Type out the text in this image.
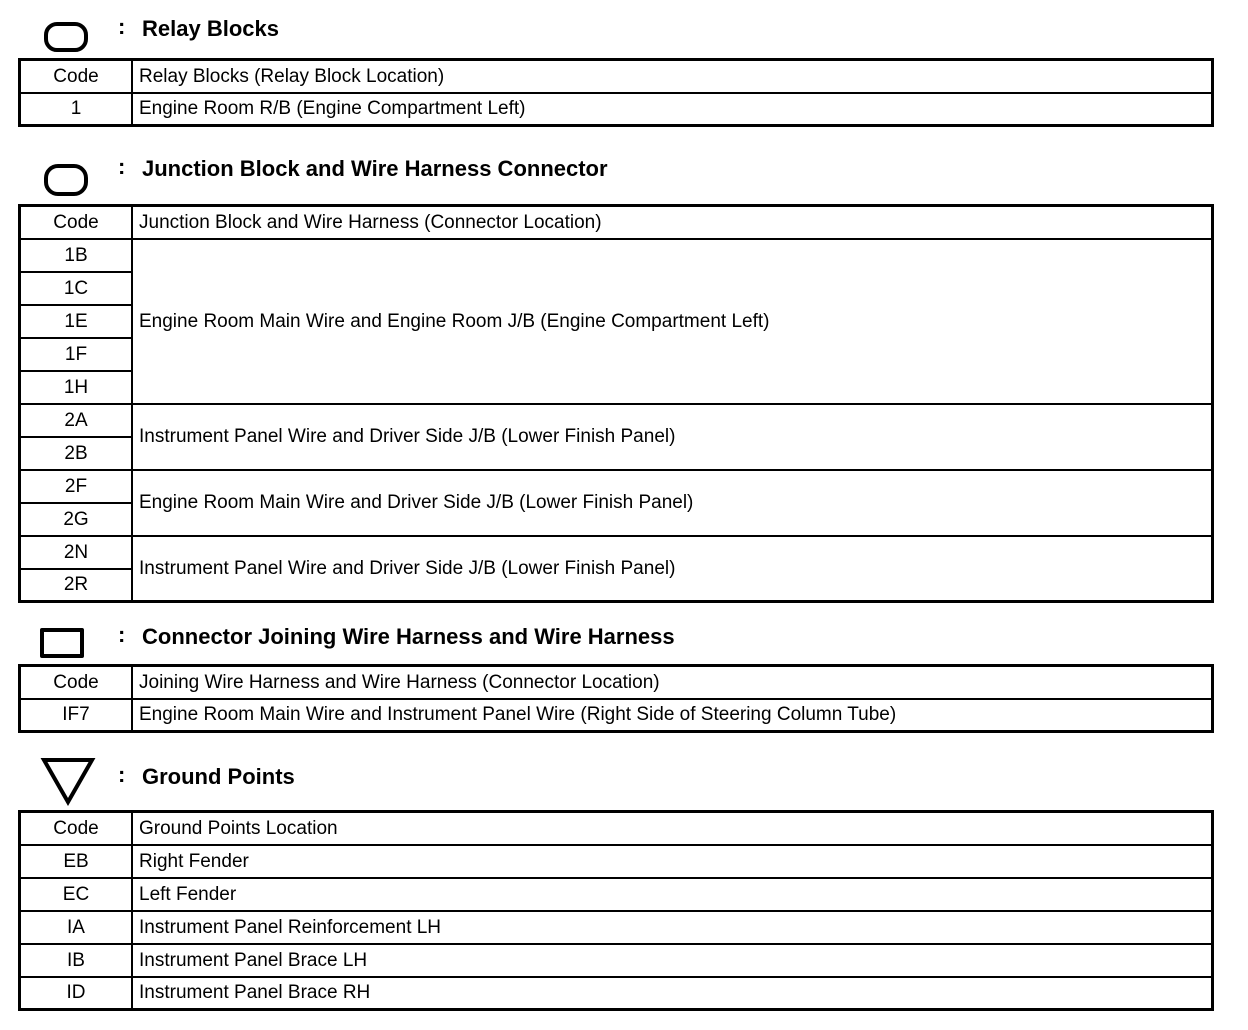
: Relay Blocks
Code	Relay Blocks (Relay Block Location)
1	Engine Room R/B (Engine Compartment Left)
: Junction Block and Wire Harness Connector
Code	Junction Block and Wire Harness (Connector Location)
1B	Engine Room Main Wire and Engine Room J/B (Engine Compartment Left)
1C	
1E	
1F	
1H	
2A	Instrument Panel Wire and Driver Side J/B (Lower Finish Panel)
2B	
2F	Engine Room Main Wire and Driver Side J/B (Lower Finish Panel)
2G	
2N	Instrument Panel Wire and Driver Side J/B (Lower Finish Panel)
2R	
: Connector Joining Wire Harness and Wire Harness
Code	Joining Wire Harness and Wire Harness (Connector Location)
IF7	Engine Room Main Wire and Instrument Panel Wire (Right Side of Steering Column Tube)
: Ground Points
Code	Ground Points Location
EB	Right Fender
EC	Left Fender
IA	Instrument Panel Reinforcement LH
IB	Instrument Panel Brace LH
ID	Instrument Panel Brace RH
